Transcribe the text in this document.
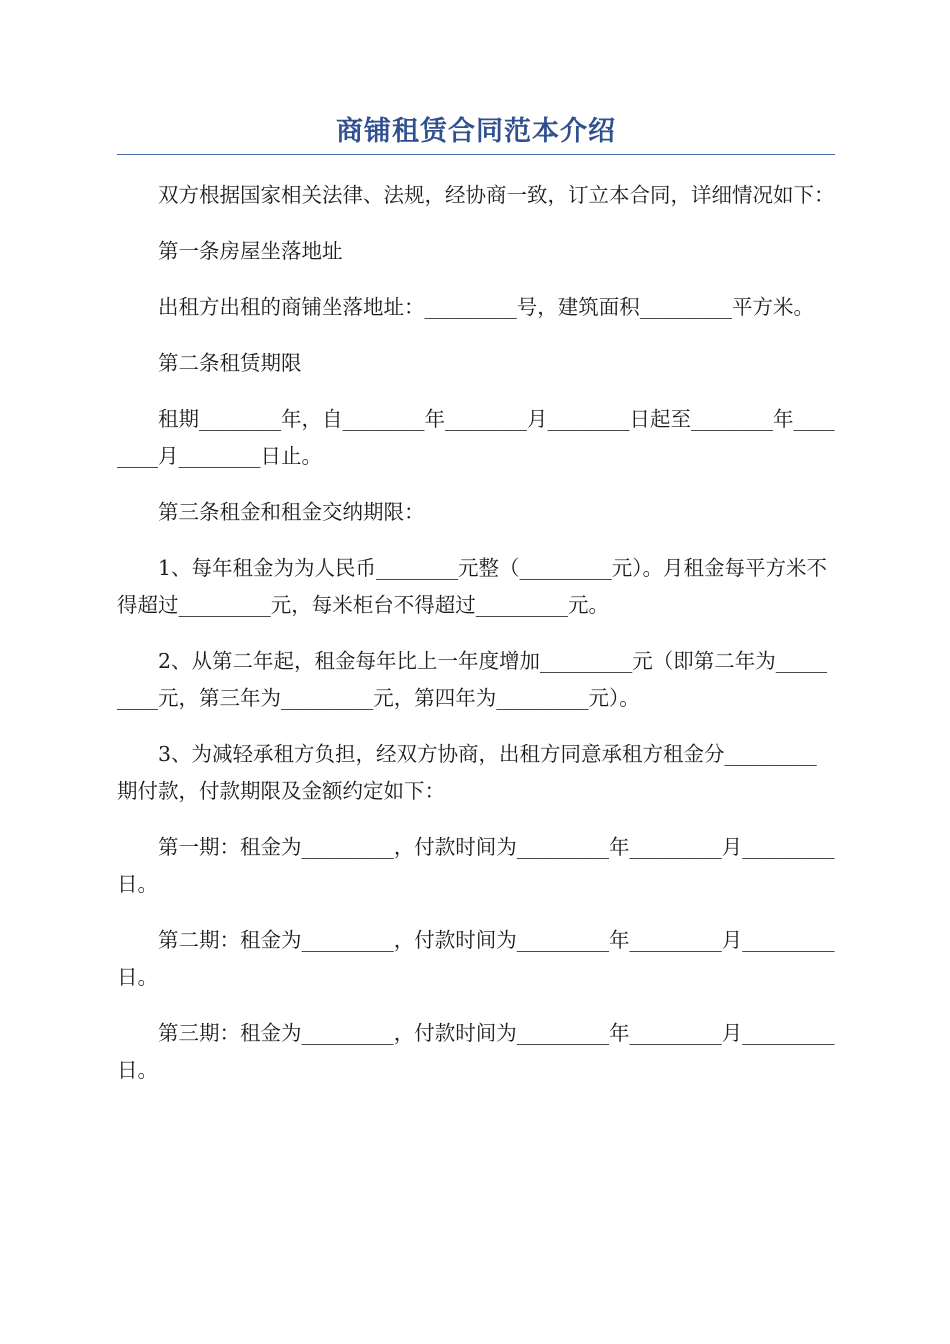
商铺租赁合同范本介绍

双方根据国家相关法律、法规，经协商一致，订立本合同，详细情况如下：

第一条房屋坐落地址

出租方出租的商铺坐落地址：_________号，建筑面积_________平方米。

第二条租赁期限

租期________年，自________年________月________日起至________年________月________日止。

第三条租金和租金交纳期限：

1、每年租金为为人民币________元整（_________元）。月租金每平方米不得超过_________元，每米柜台不得超过_________元。

2、从第二年起，租金每年比上一年度增加_________元（即第二年为_________元，第三年为_________元，第四年为_________元）。

3、为减轻承租方负担，经双方协商，出租方同意承租方租金分_________期付款，付款期限及金额约定如下：

第一期：租金为_________，付款时间为_________年_________月_________日。

第二期：租金为_________，付款时间为_________年_________月_________日。

第三期：租金为_________，付款时间为_________年_________月_________日。
